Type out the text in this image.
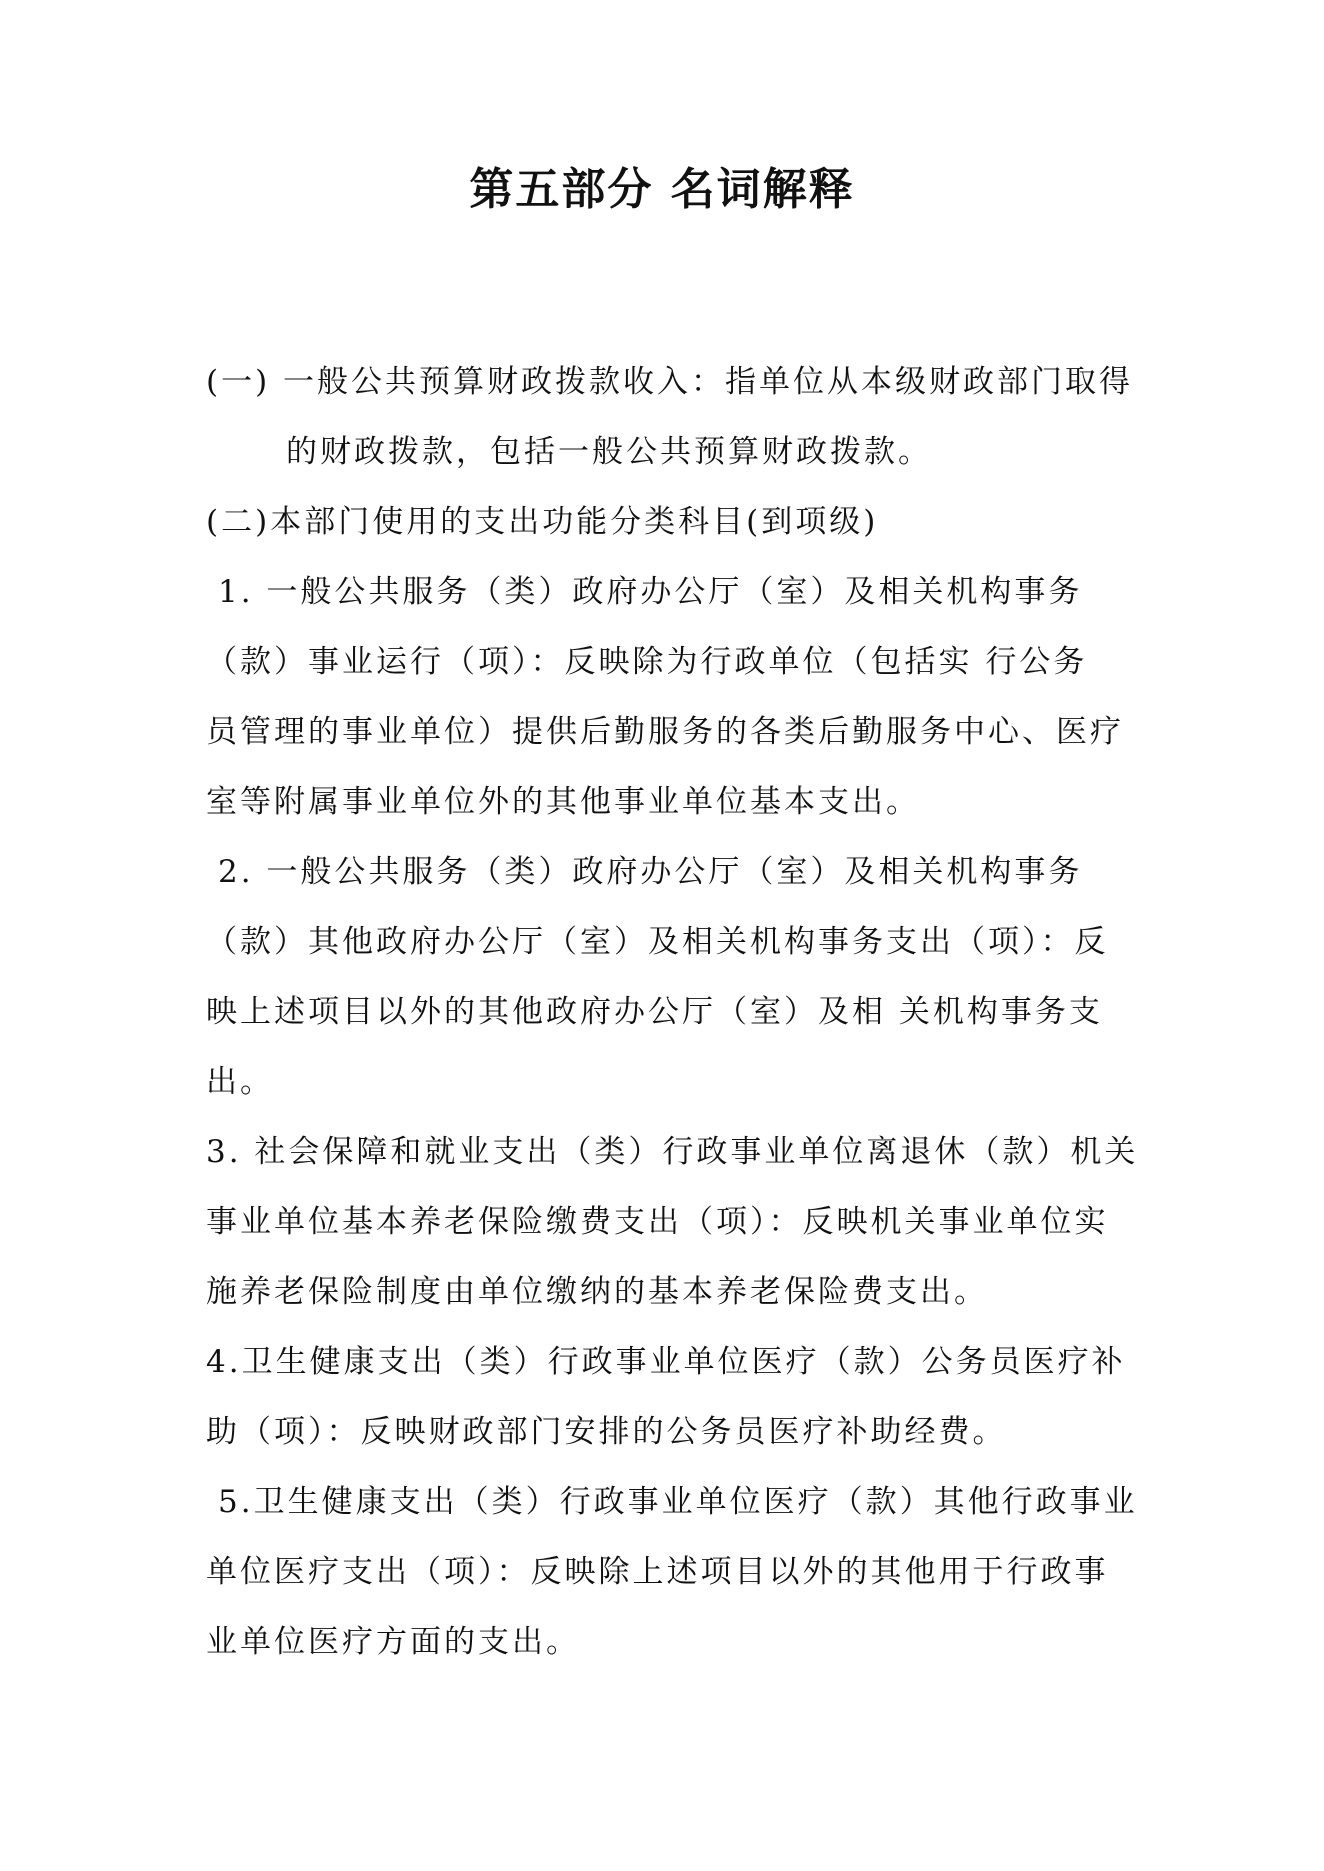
第五部分 名词解释
(一) 一般公共预算财政拨款收入：指单位从本级财政部门取得
的财政拨款，包括一般公共预算财政拨款。
(二)本部门使用的支出功能分类科目(到项级)
1. 一般公共服务（类）政府办公厅（室）及相关机构事务
（款）事业运行（项）：反映除为行政单位（包括实 行公务
员管理的事业单位）提供后勤服务的各类后勤服务中心、医疗
室等附属事业单位外的其他事业单位基本支出。
2. 一般公共服务（类）政府办公厅（室）及相关机构事务
（款）其他政府办公厅（室）及相关机构事务支出（项）：反
映上述项目以外的其他政府办公厅（室）及相 关机构事务支
出。
3. 社会保障和就业支出（类）行政事业单位离退休（款）机关
事业单位基本养老保险缴费支出（项）：反映机关事业单位实
施养老保险制度由单位缴纳的基本养老保险费支出。
4.卫生健康支出（类）行政事业单位医疗（款）公务员医疗补
助（项）：反映财政部门安排的公务员医疗补助经费。
5.卫生健康支出（类）行政事业单位医疗（款）其他行政事业
单位医疗支出（项）：反映除上述项目以外的其他用于行政事
业单位医疗方面的支出。
